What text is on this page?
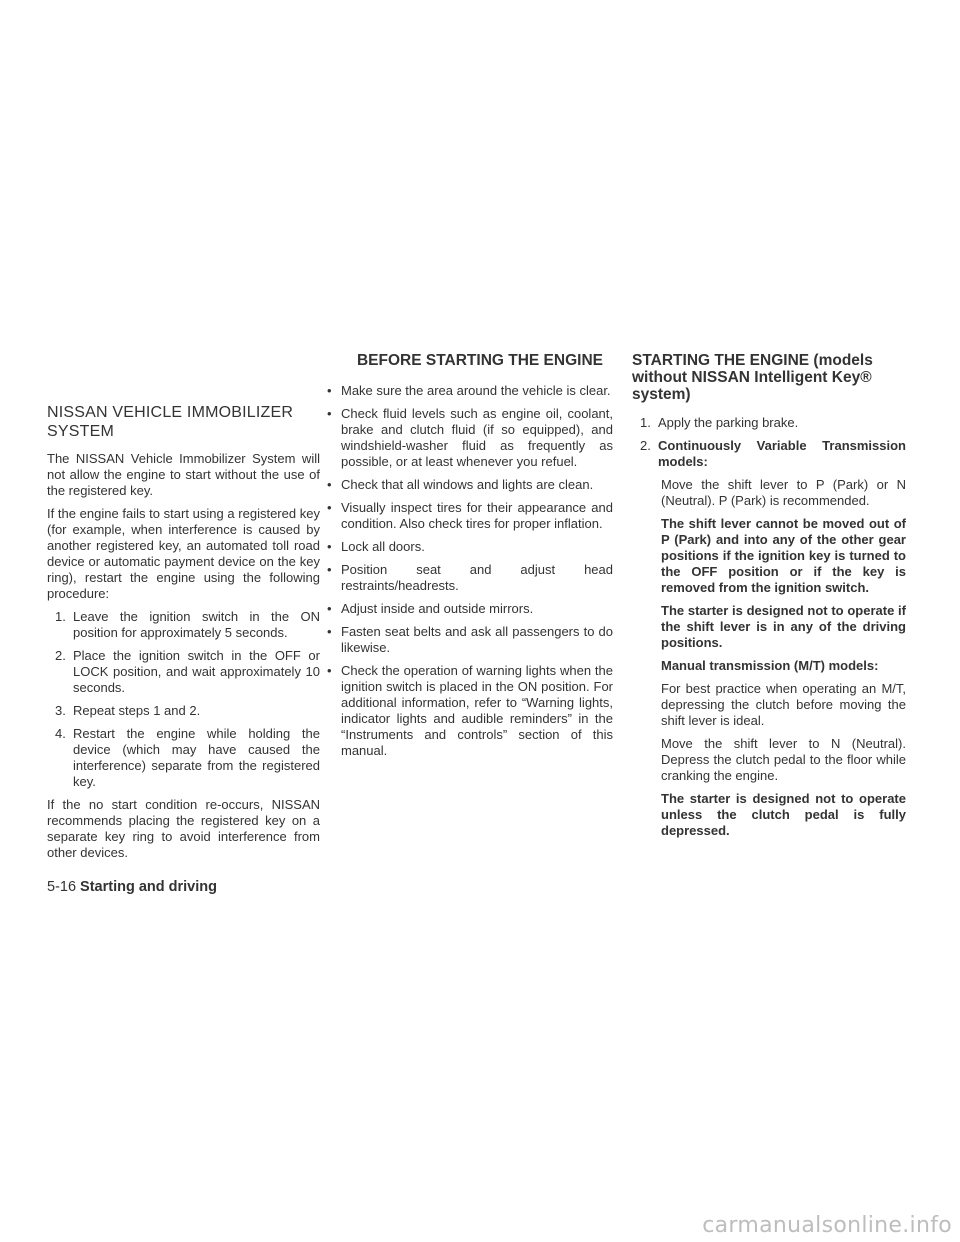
NISSAN VEHICLE IMMOBILIZER SYSTEM

The NISSAN Vehicle Immobilizer System will not allow the engine to start without the use of the registered key.

If the engine fails to start using a registered key (for example, when interference is caused by another registered key, an automated toll road device or automatic payment device on the key ring), restart the engine using the following procedure:

1. Leave the ignition switch in the ON position for approximately 5 seconds.
2. Place the ignition switch in the OFF or LOCK position, and wait approximately 10 seconds.
3. Repeat steps 1 and 2.
4. Restart the engine while holding the device (which may have caused the interference) separate from the registered key.

If the no start condition re-occurs, NISSAN recommends placing the registered key on a separate key ring to avoid interference from other devices.

BEFORE STARTING THE ENGINE
• Make sure the area around the vehicle is clear.
• Check fluid levels such as engine oil, coolant, brake and clutch fluid (if so equipped), and windshield-washer fluid as frequently as possible, or at least whenever you refuel.
• Check that all windows and lights are clean.
• Visually inspect tires for their appearance and condition. Also check tires for proper inflation.
• Lock all doors.
• Position seat and adjust head restraints/headrests.
• Adjust inside and outside mirrors.
• Fasten seat belts and ask all passengers to do likewise.
• Check the operation of warning lights when the ignition switch is placed in the ON position. For additional information, refer to “Warning lights, indicator lights and audible reminders” in the “Instruments and controls” section of this manual.
STARTING THE ENGINE (models without NISSAN Intelligent Key® system)
1. Apply the parking brake.
2. Continuously Variable Transmission models:

Move the shift lever to P (Park) or N (Neutral). P (Park) is recommended.

The shift lever cannot be moved out of P (Park) and into any of the other gear positions if the ignition key is turned to the OFF position or if the key is removed from the ignition switch.

The starter is designed not to operate if the shift lever is in any of the driving positions.

Manual transmission (M/T) models:

For best practice when operating an M/T, depressing the clutch before moving the shift lever is ideal.

Move the shift lever to N (Neutral). Depress the clutch pedal to the floor while cranking the engine.

The starter is designed not to operate unless the clutch pedal is fully depressed.

5-16 Starting and driving
carmanualsonline.info
